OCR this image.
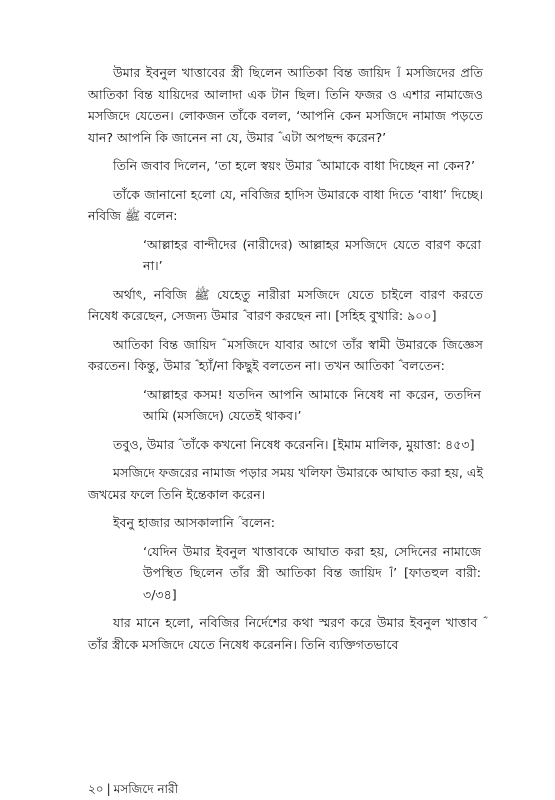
উমার ইবনুল খাত্তাবের স্ত্রী ছিলেন আতিকা বিন্ত জায়িদ ؓ। মসজিদের প্রতি আতিকা বিন্ত যায়িদের আলাদা এক টান ছিল। তিনি ফজর ও এশার নামাজেও মসজিদে যেতেন। লোকজন তাঁকে বলল, ‘আপনি কেন মসজিদে নামাজ পড়তে যান? আপনি কি জানেন না যে, উমার ؓ এটা অপছন্দ করেন?’

তিনি জবাব দিলেন, ‘তা হলে স্বয়ং উমার ؓ আমাকে বাধা দিচ্ছেন না কেন?’

তাঁকে জানানো হলো যে, নবিজির হাদিস উমারকে বাধা দিতে ‘বাধা’ দিচ্ছে। নবিজি ﷺ বলেন:

‘আল্লাহর বান্দীদের (নারীদের) আল্লাহর মসজিদে যেতে বারণ করো না।’

অর্থাৎ, নবিজি ﷺ যেহেতু নারীরা মসজিদে যেতে চাইলে বারণ করতে নিষেধ করেছেন, সেজন্য উমার ؓ বারণ করছেন না। [সহিহ বুখারি: ৯০০]

আতিকা বিন্ত জায়িদ ؓ মসজিদে যাবার আগে তাঁর স্বামী উমারকে জিজ্ঞেস করতেন। কিন্তু, উমার ؓ হ্যাঁ/না কিছুই বলতেন না। তখন আতিকা ؓ বলতেন:

‘আল্লাহর কসম! যতদিন আপনি আমাকে নিষেধ না করেন, ততদিন আমি (মসজিদে) যেতেই থাকব।’

তবুও, উমার ؓ তাঁকে কখনো নিষেধ করেননি। [ইমাম মালিক, মুয়াত্তা: ৪৫৩]

মসজিদে ফজরের নামাজ পড়ার সময় খলিফা উমারকে আঘাত করা হয়, এই জখমের ফলে তিনি ইন্তেকাল করেন।

ইবনু হাজার আসকালানি ؒ বলেন:

‘যেদিন উমার ইবনুল খাত্তাবকে আঘাত করা হয়, সেদিনের নামাজে উপস্থিত ছিলেন তাঁর স্ত্রী আতিকা বিন্ত জায়িদ ؓ।’ [ফাতহুল বারী: ৩/৩৪]

যার মানে হলো, নবিজির নির্দেশের কথা স্মরণ করে উমার ইবনুল খাত্তাব ؓ তাঁর স্ত্রীকে মসজিদে যেতে নিষেধ করেননি। তিনি ব্যক্তিগতভাবে

২০ | মসজিদে নারী
